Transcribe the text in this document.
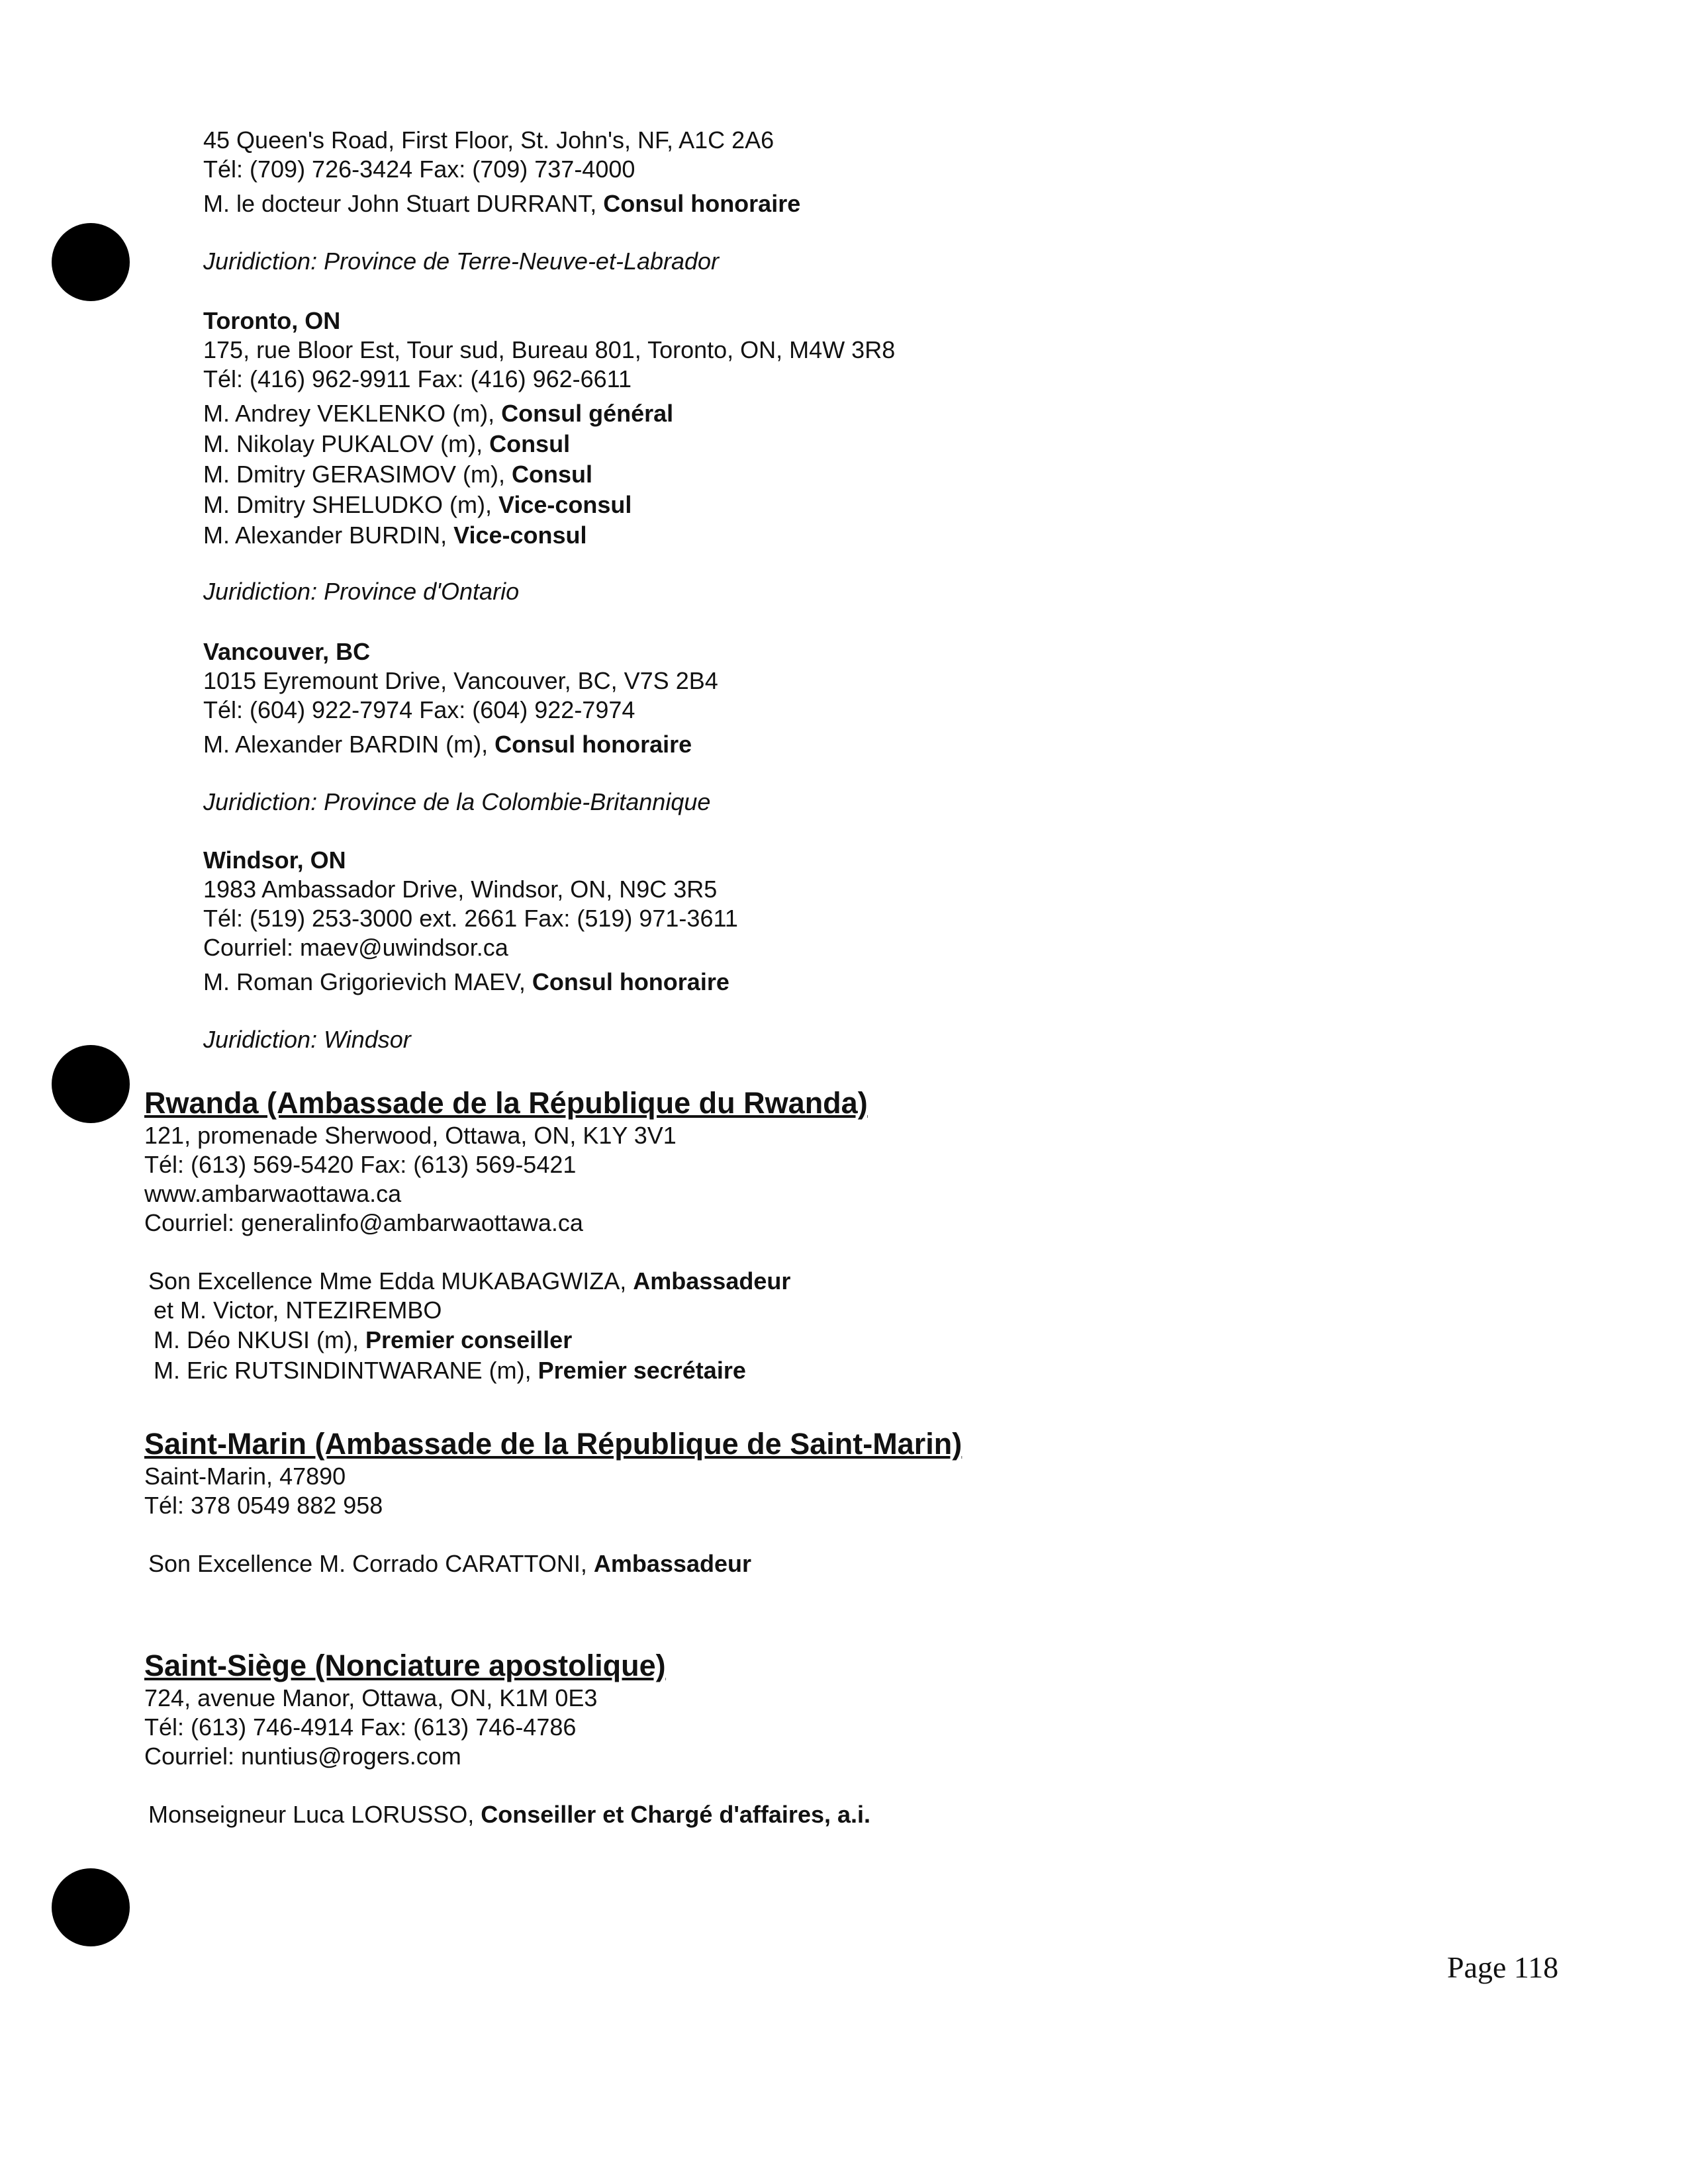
45 Queen's Road, First Floor, St. John's, NF, A1C 2A6
Tél: (709) 726-3424 Fax: (709) 737-4000
M. le docteur John Stuart DURRANT, Consul honoraire
Juridiction: Province de Terre-Neuve-et-Labrador
Toronto, ON
175, rue Bloor Est, Tour sud, Bureau 801, Toronto, ON, M4W 3R8
Tél: (416) 962-9911 Fax: (416) 962-6611
M. Andrey VEKLENKO (m), Consul général
M. Nikolay PUKALOV (m), Consul
M. Dmitry GERASIMOV (m), Consul
M. Dmitry SHELUDKO (m), Vice-consul
M. Alexander BURDIN, Vice-consul
Juridiction: Province d'Ontario
Vancouver, BC
1015 Eyremount Drive, Vancouver, BC, V7S 2B4
Tél: (604) 922-7974 Fax: (604) 922-7974
M. Alexander BARDIN (m), Consul honoraire
Juridiction: Province de la Colombie-Britannique
Windsor, ON
1983 Ambassador Drive, Windsor, ON, N9C 3R5
Tél: (519) 253-3000 ext. 2661 Fax: (519) 971-3611
Courriel: maev@uwindsor.ca
M. Roman Grigorievich MAEV, Consul honoraire
Juridiction: Windsor
Rwanda (Ambassade de la République du Rwanda)
121, promenade Sherwood, Ottawa, ON, K1Y 3V1
Tél: (613) 569-5420 Fax: (613) 569-5421
www.ambarwaottawa.ca
Courriel: generalinfo@ambarwaottawa.ca
Son Excellence Mme Edda MUKABAGWIZA, Ambassadeur
et M. Victor, NTEZIREMBO
M. Déo NKUSI (m), Premier conseiller
M. Eric RUTSINDINTWARANE (m), Premier secrétaire
Saint-Marin (Ambassade de la République de Saint-Marin)
Saint-Marin, 47890
Tél: 378 0549 882 958
Son Excellence M. Corrado CARATTONI, Ambassadeur
Saint-Siège (Nonciature apostolique)
724, avenue Manor, Ottawa, ON, K1M 0E3
Tél: (613) 746-4914 Fax: (613) 746-4786
Courriel: nuntius@rogers.com
Monseigneur Luca LORUSSO, Conseiller et Chargé d'affaires, a.i.
Page 118
